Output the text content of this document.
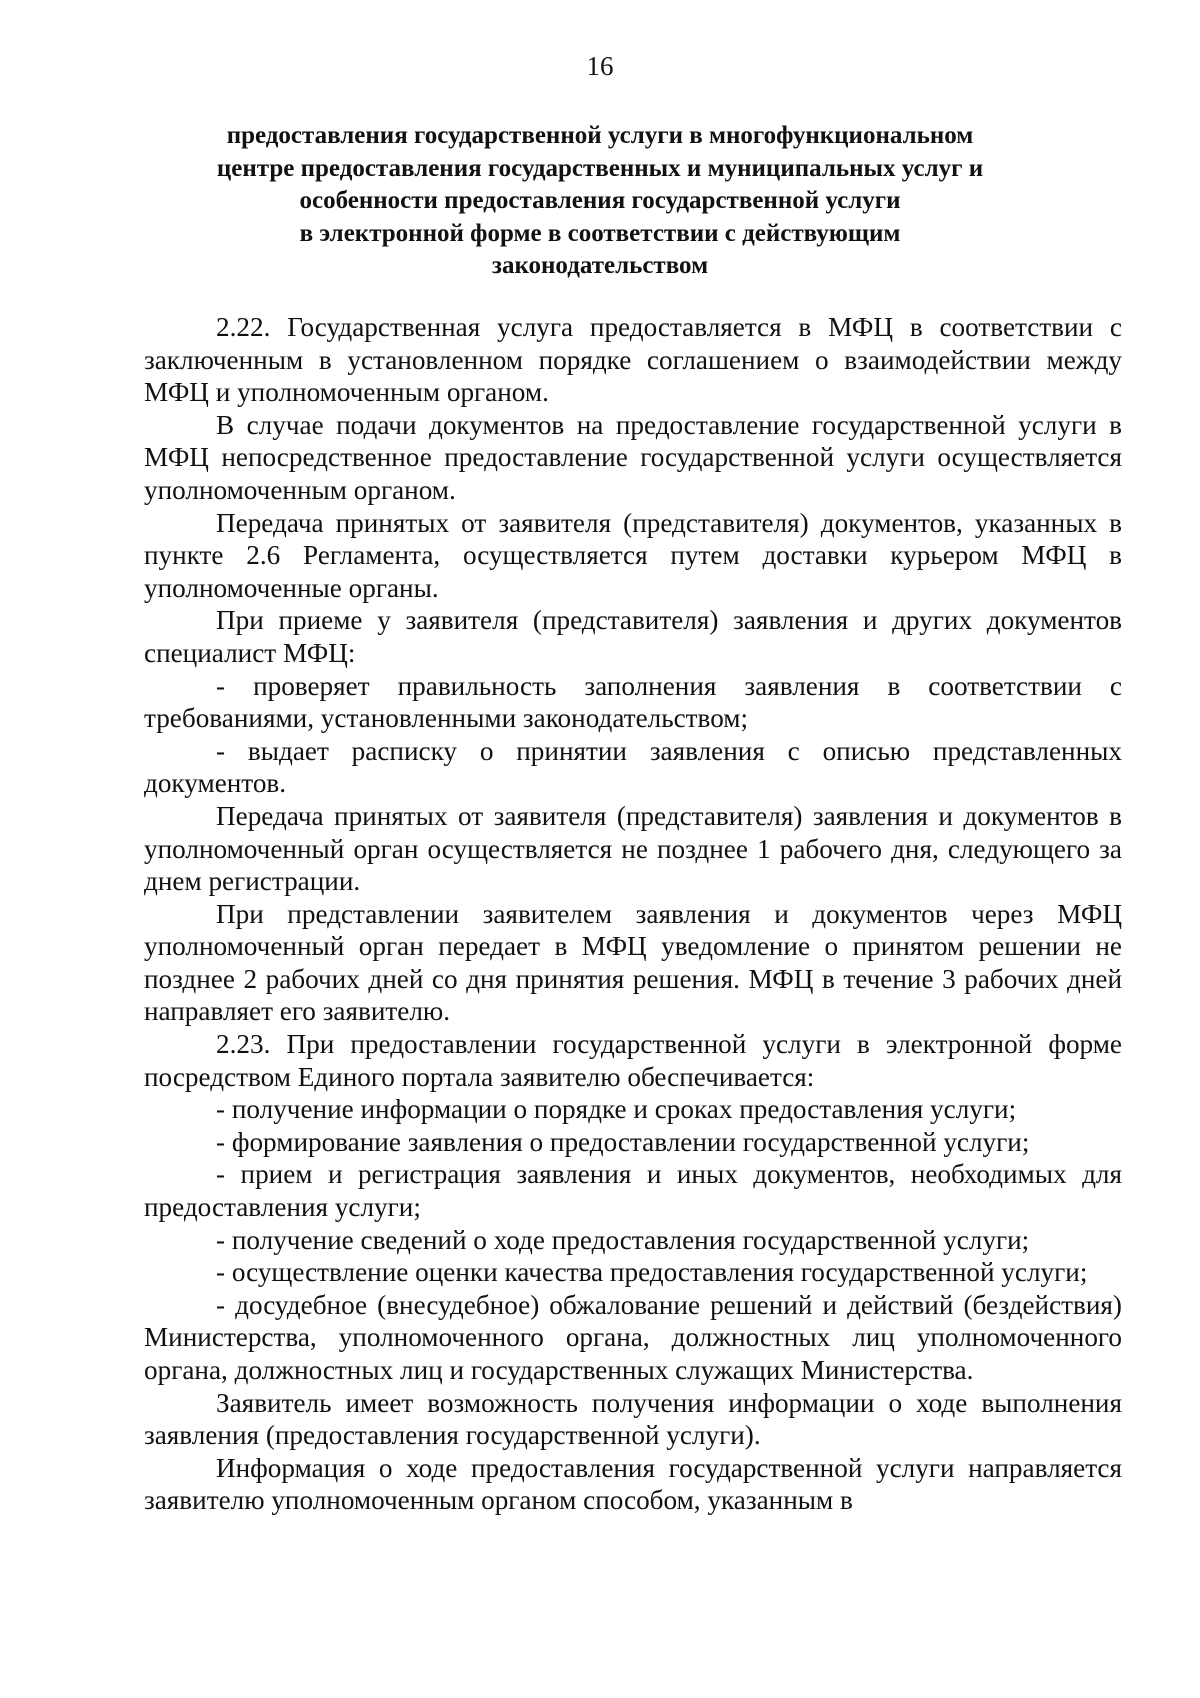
16
предоставления государственной услуги в многофункциональном
центре предоставления государственных и муниципальных услуг и
особенности предоставления государственной услуги
в электронной форме в соответствии с действующим
законодательством

2.22. Государственная услуга предоставляется в МФЦ в соответствии с заключенным в установленном порядке соглашением о взаимодействии между МФЦ и уполномоченным органом.

В случае подачи документов на предоставление государственной услуги в МФЦ непосредственное предоставление государственной услуги осуществляется уполномоченным органом.

Передача принятых от заявителя (представителя) документов, указанных в пункте 2.6 Регламента, осуществляется путем доставки курьером МФЦ в уполномоченные органы.

При приеме у заявителя (представителя) заявления и других документов специалист МФЦ:

- проверяет правильность заполнения заявления в соответствии с требованиями, установленными законодательством;

- выдает расписку о принятии заявления с описью представленных документов.

Передача принятых от заявителя (представителя) заявления и документов в уполномоченный орган осуществляется не позднее 1 рабочего дня, следующего за днем регистрации.

При представлении заявителем заявления и документов через МФЦ уполномоченный орган передает в МФЦ уведомление о принятом решении не позднее 2 рабочих дней со дня принятия решения. МФЦ в течение 3 рабочих дней направляет его заявителю.

2.23. При предоставлении государственной услуги в электронной форме посредством Единого портала заявителю обеспечивается:

- получение информации о порядке и сроках предоставления услуги;

- формирование заявления о предоставлении государственной услуги;

- прием и регистрация заявления и иных документов, необходимых для предоставления услуги;

- получение сведений о ходе предоставления государственной услуги;

- осуществление оценки качества предоставления государственной услуги;

- досудебное (внесудебное) обжалование решений и действий (бездействия) Министерства, уполномоченного органа, должностных лиц уполномоченного органа, должностных лиц и государственных служащих Министерства.

Заявитель имеет возможность получения информации о ходе выполнения заявления (предоставления государственной услуги).

Информация о ходе предоставления государственной услуги направляется заявителю уполномоченным органом способом, указанным в
